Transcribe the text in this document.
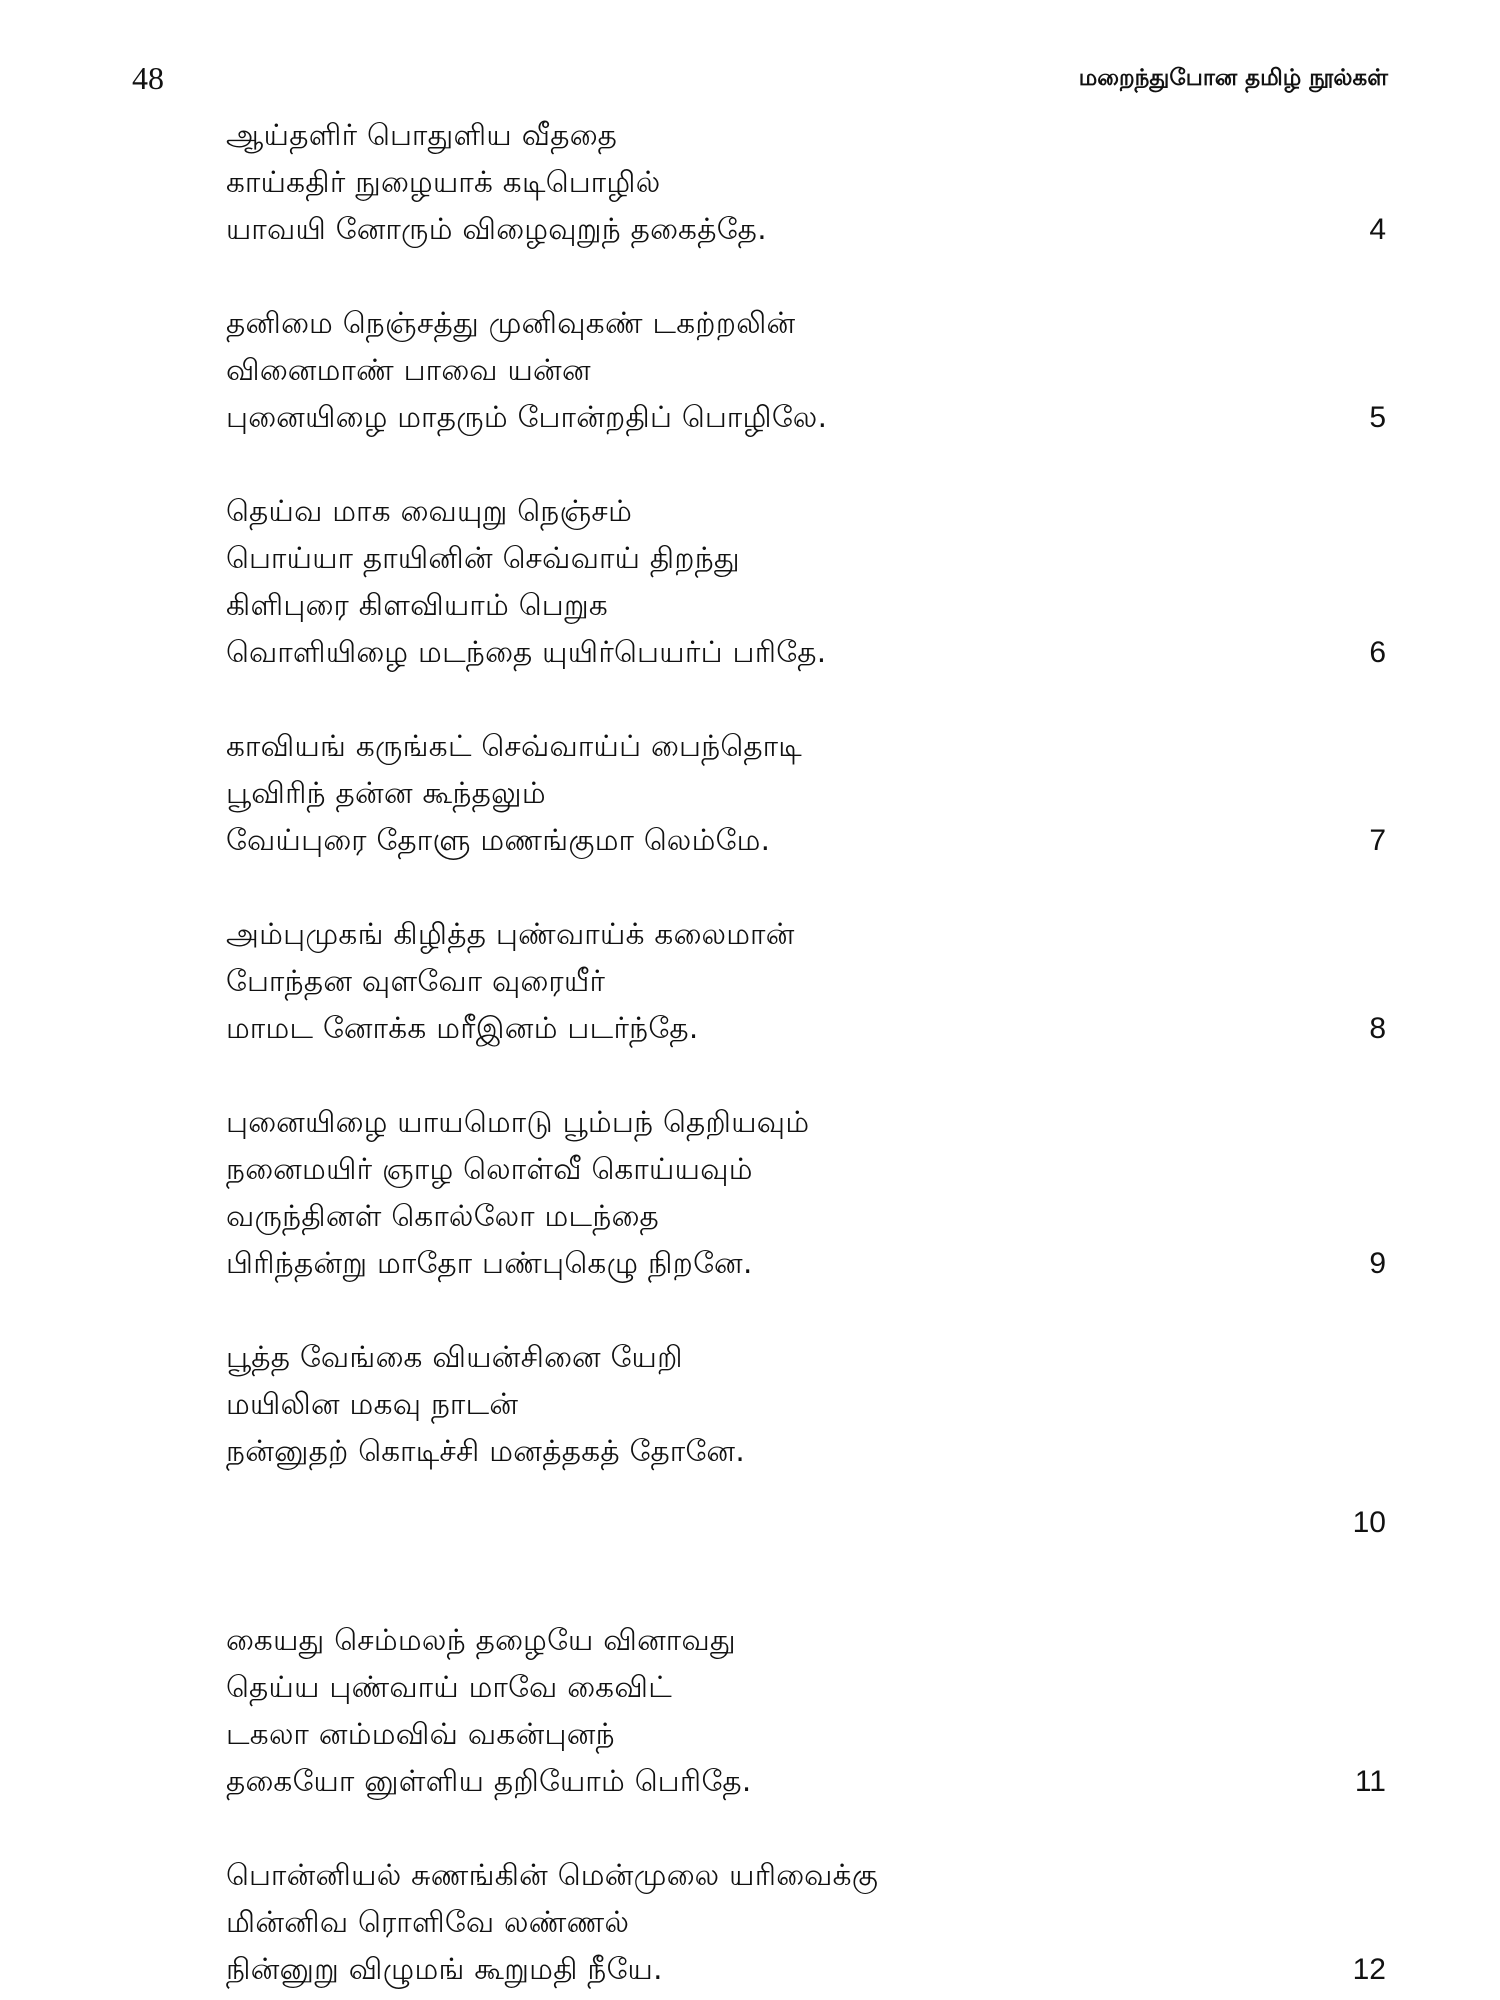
48	மறைந்துபோன தமிழ் நூல்கள்
ஆய்தளிர் பொதுளிய வீததை
காய்கதிர் நுழையாக் கடிபொழில்
யாவயி னோரும் விழைவுறுந் தகைத்தே.	4
தனிமை நெஞ்சத்து முனிவுகண் டகற்றலின்
வினைமாண் பாவை யன்ன
புனையிழை மாதரும் போன்றதிப் பொழிலே.	5
தெய்வ மாக வையுறு நெஞ்சம்
பொய்யா தாயினின் செவ்வாய் திறந்து
கிளிபுரை கிளவியாம் பெறுக
வொளியிழை மடந்தை யுயிர்பெயர்ப் பரிதே.	6
காவியங் கருங்கட் செவ்வாய்ப் பைந்தொடி
பூவிரிந் தன்ன கூந்தலும்
வேய்புரை தோளு மணங்குமா லெம்மே.	7
அம்புமுகங் கிழித்த புண்வாய்க் கலைமான்
போந்தன வுளவோ வுரையீர்
மாமட னோக்க மரீஇனம் படர்ந்தே.	8
புனையிழை யாயமொடு பூம்பந் தெறியவும்
நனைமயிர் ஞாழ லொள்வீ கொய்யவும்
வருந்தினள் கொல்லோ மடந்தை
பிரிந்தன்று மாதோ பண்புகெழு நிறனே.	9
பூத்த வேங்கை வியன்சினை யேறி
மயிலின மகவு நாடன்
நன்னுதற் கொடிச்சி மனத்தகத் தோனே.
10
கையது செம்மலந் தழையே வினாவது
தெய்ய புண்வாய் மாவே கைவிட்
டகலா னம்மவிவ் வகன்புனந்
தகையோ னுள்ளிய தறியோம் பெரிதே.	11
பொன்னியல் சுணங்கின் மென்முலை யரிவைக்கு
மின்னிவ ரொளிவே லண்ணல்
நின்னுறு விழுமங் கூறுமதி நீயே.	12
